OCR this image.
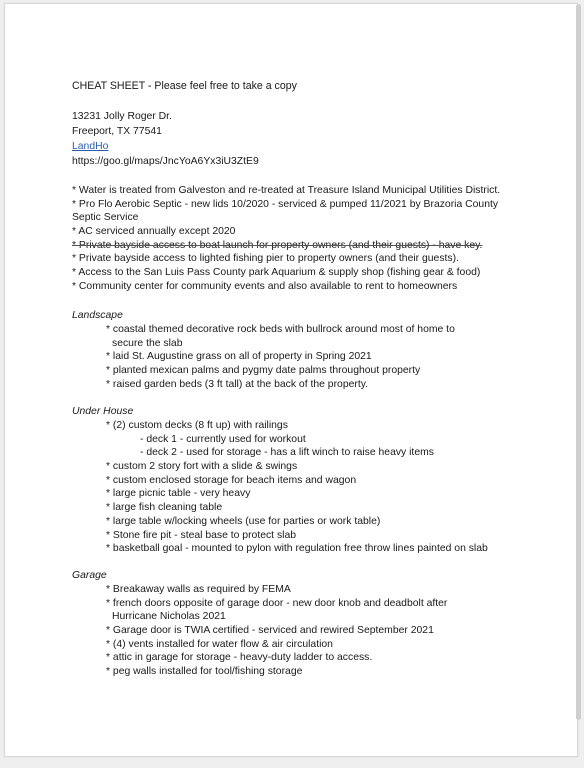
CHEAT SHEET - Please feel free to take a copy
13231 Jolly Roger Dr.
Freeport, TX 77541
LandHo
https://goo.gl/maps/JncYoA6Yx3iU3ZtE9
* Water is treated from Galveston and re-treated at Treasure Island Municipal Utilities District.
* Pro Flo Aerobic Septic - new lids 10/2020 - serviced & pumped 11/2021 by Brazoria County
Septic Service
* AC serviced annually except 2020
* Private bayside access to boat launch for property owners (and their guests) - have key.
* Private bayside access to lighted fishing pier to property owners (and their guests).
* Access to the San Luis Pass County park Aquarium & supply shop (fishing gear & food)
* Community center for community events and also available to rent to homeowners
Landscape
* coastal themed decorative rock beds with bullrock around most of home to
secure the slab
* laid St. Augustine grass on all of property in Spring 2021
* planted mexican palms and pygmy date palms throughout property
* raised garden beds (3 ft tall) at the back of the property.
Under House
* (2) custom decks (8 ft up) with railings
- deck 1 - currently used for workout
- deck 2 - used for storage - has a lift winch to raise heavy items
* custom 2 story fort with a slide & swings
* custom enclosed storage for beach items and wagon
* large picnic table - very heavy
* large fish cleaning table
* large table w/locking wheels (use for parties or work table)
* Stone fire pit - steal base to protect slab
* basketball goal - mounted to pylon with regulation free throw lines painted on slab
Garage
* Breakaway walls as required by FEMA
* french doors opposite of garage door - new door knob and deadbolt after
Hurricane Nicholas 2021
* Garage door is TWIA certified - serviced and rewired September 2021
* (4) vents installed for water flow & air circulation
* attic in garage for storage - heavy-duty ladder to access.
* peg walls installed for tool/fishing storage
